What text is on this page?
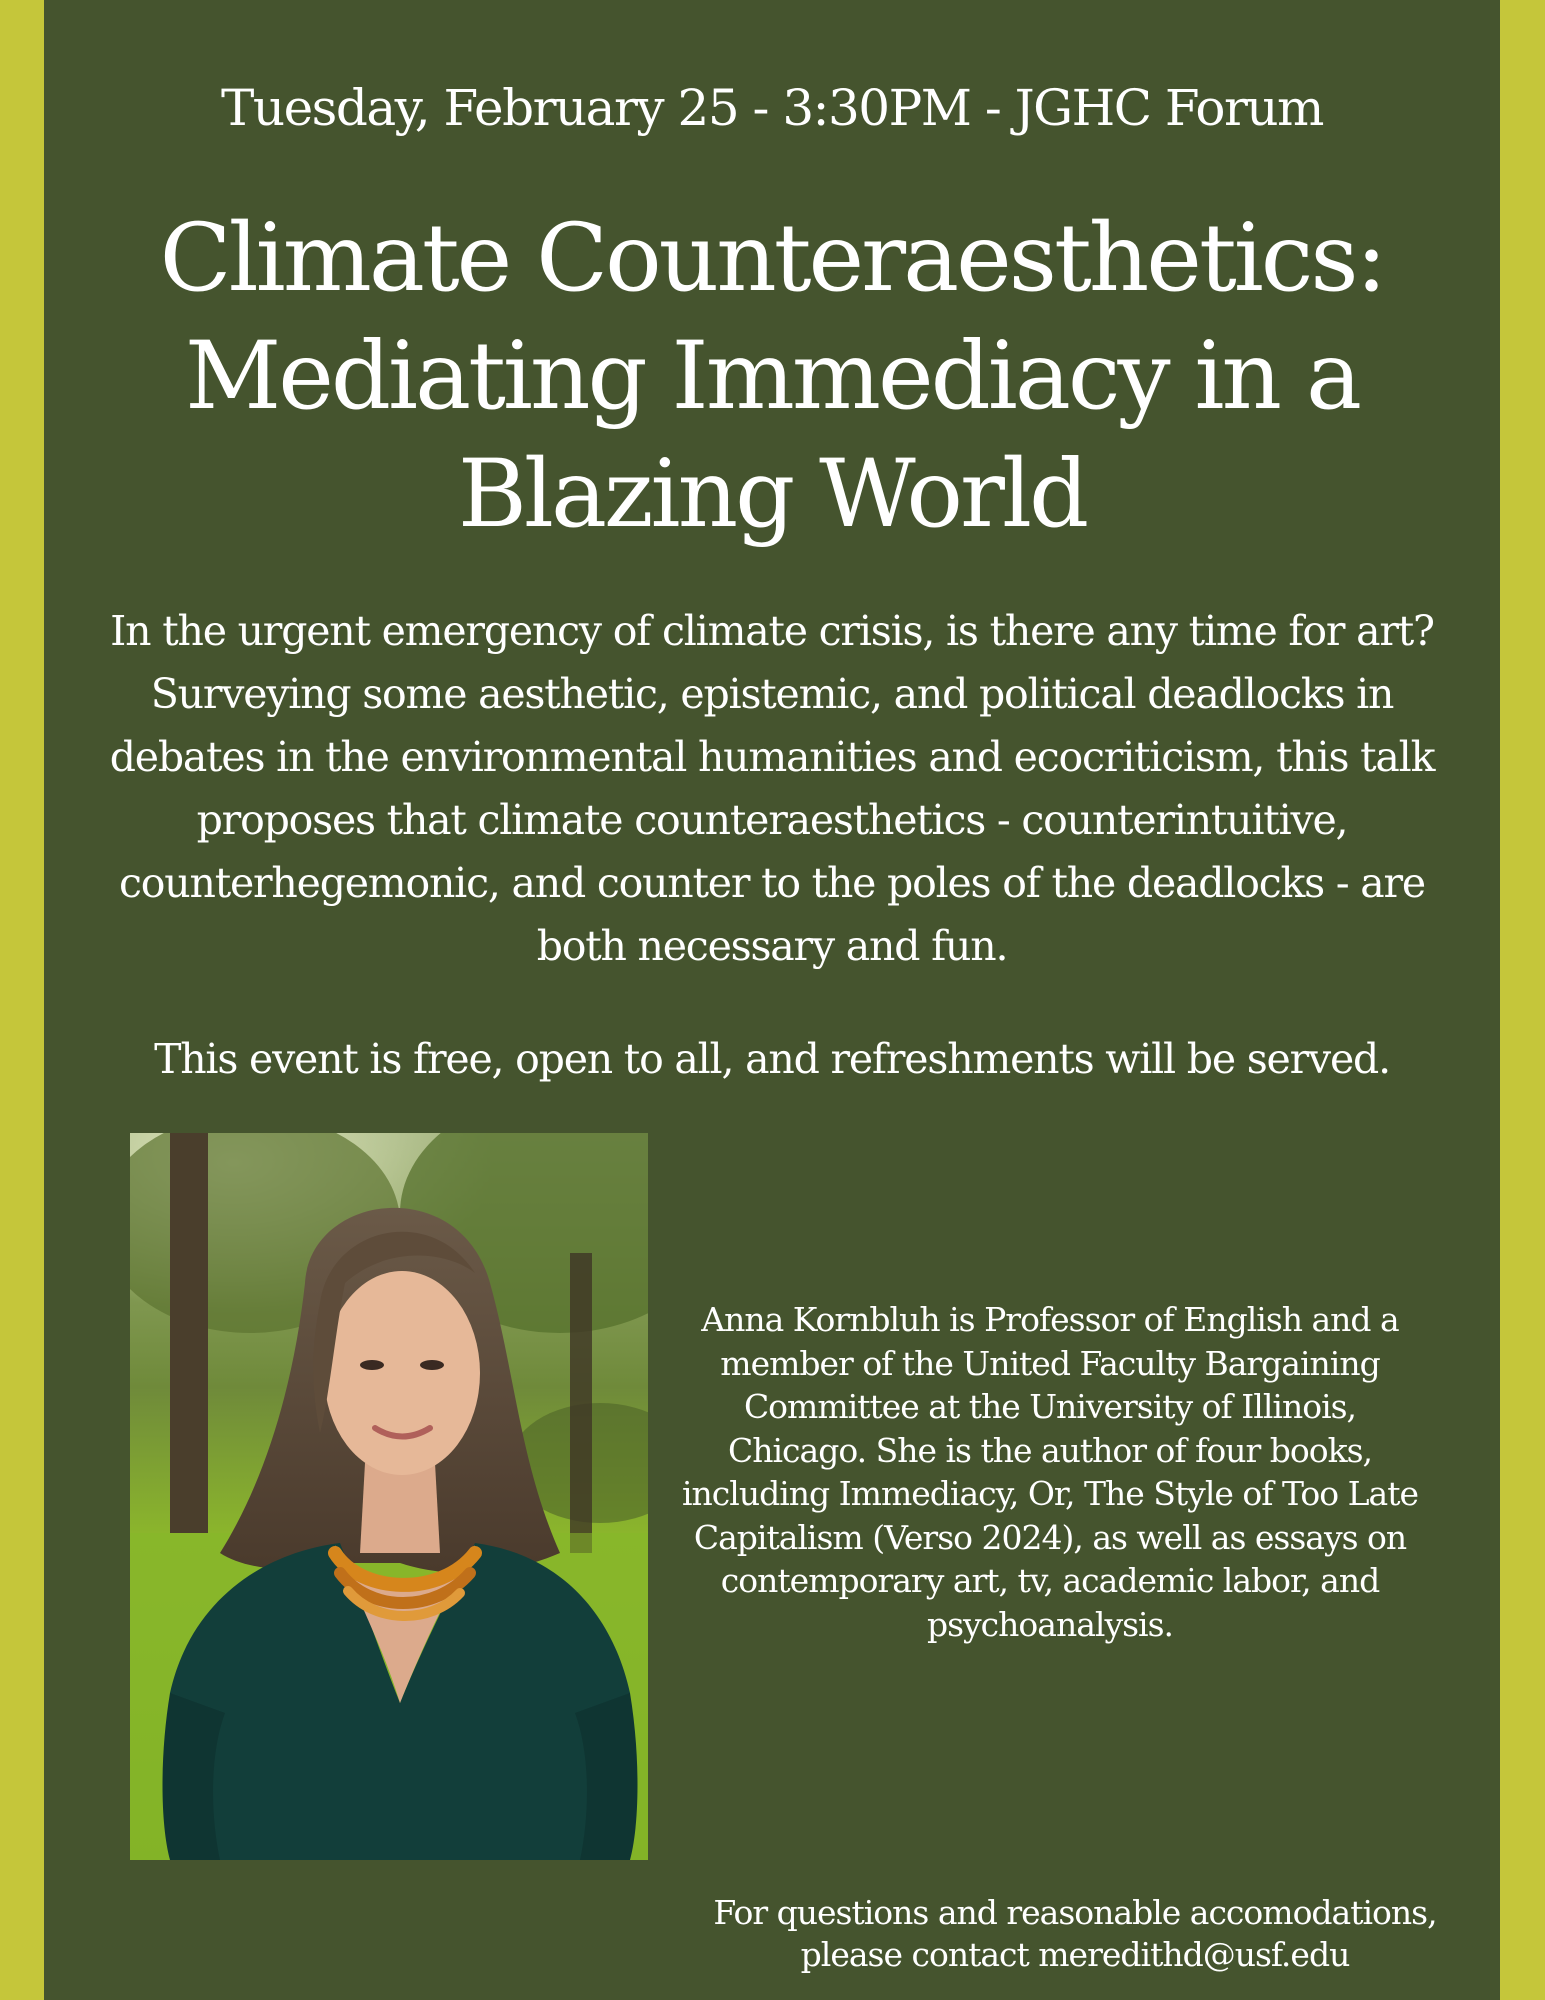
Tuesday, February 25 - 3:30PM - JGHC Forum
Climate Counteraesthetics: Mediating Immediacy in a Blazing World

In the urgent emergency of climate crisis, is there any time for art? Surveying some aesthetic, epistemic, and political deadlocks in debates in the environmental humanities and ecocriticism, this talk proposes that climate counteraesthetics - counterintuitive, counterhegemonic, and counter to the poles of the deadlocks - are both necessary and fun.

This event is free, open to all, and refreshments will be served.

Anna Kornbluh is Professor of English and a member of the United Faculty Bargaining Committee at the University of Illinois, Chicago. She is the author of four books, including Immediacy, Or, The Style of Too Late Capitalism (Verso 2024), as well as essays on contemporary art, tv, academic labor, and psychoanalysis.

For questions and reasonable accomodations, please contact meredithd@usf.edu
